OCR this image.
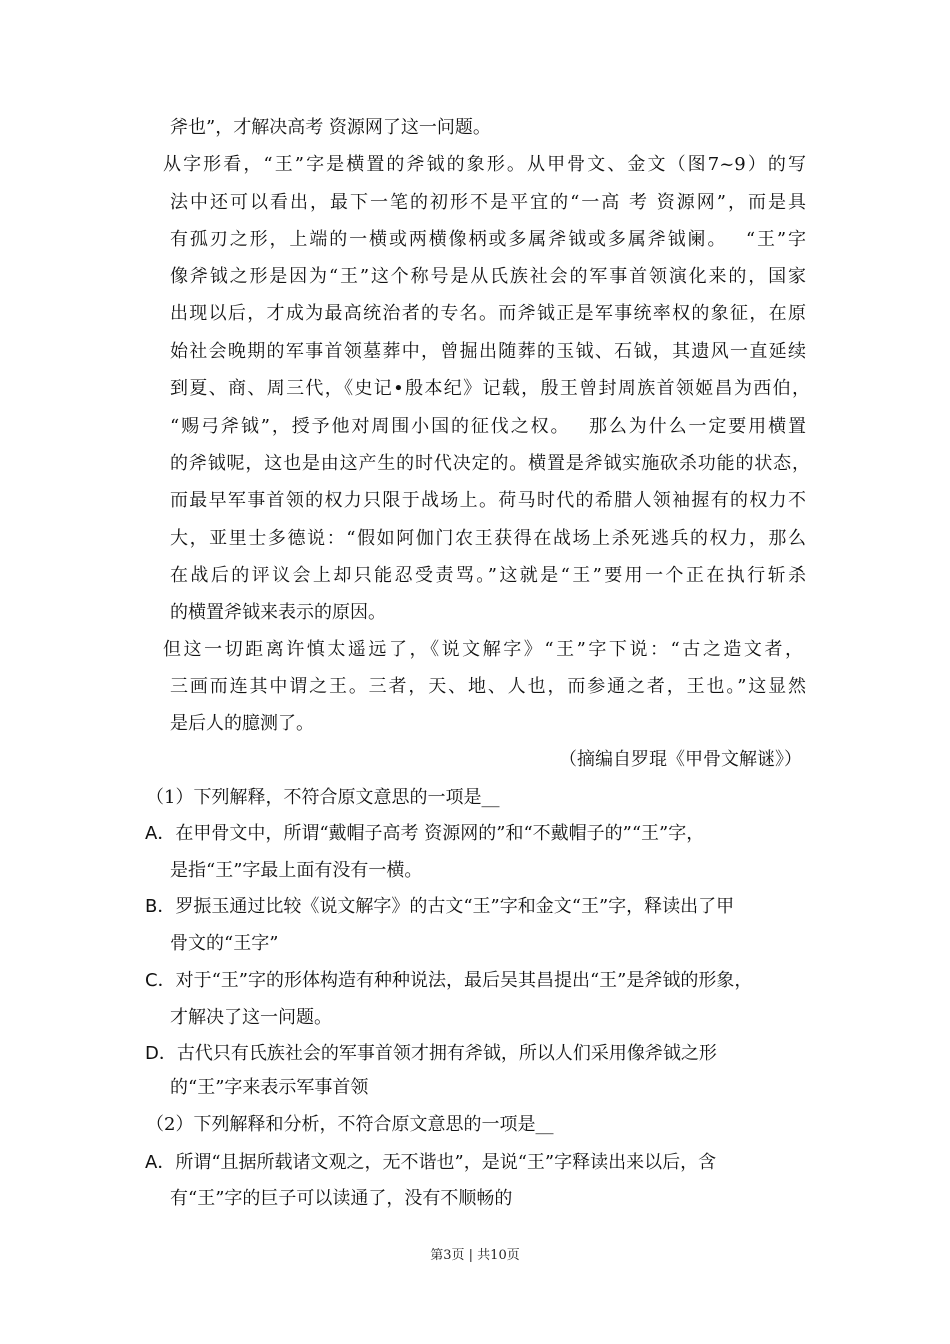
斧也”，才解决高考 资源网了这一问题。
从字形看，“王”字是横置的斧钺的象形。从甲骨文、金文（图7~9）的写
法中还可以看出，最下一笔的初形不是平宜的“一高 考 资源网”，而是具
有孤刃之形，上端的一横或两横像柄或多属斧钺或多属斧钺阑。　 “王”字
像斧钺之形是因为“王”这个称号是从氏族社会的军事首领演化来的，国家
出现以后，才成为最高统治者的专名。而斧钺正是军事统率权的象征，在原
始社会晚期的军事首领墓葬中，曾掘出随葬的玉钺、石钺，其遗风一直延续
到夏、商、周三代，《史记•殷本纪》记载，殷王曾封周族首领姬昌为西伯，
“赐弓斧钺”，授予他对周围小国的征伐之权。　 那么为什么一定要用横置
的斧钺呢，这也是由这产生的时代决定的。横置是斧钺实施砍杀功能的状态，
而最早军事首领的权力只限于战场上。荷马时代的希腊人领袖握有的权力不
大，亚里士多德说：“假如阿伽门农王获得在战场上杀死逃兵的权力，那么
在战后的评议会上却只能忍受责骂。”这就是“王”要用一个正在执行斩杀
的横置斧钺来表示的原因。
但这一切距离许慎太遥远了，《说文解字》“王”字下说：“古之造文者，
三画而连其中谓之王。三者，天、地、人也，而参通之者，王也。”这显然
是后人的臆测了。
（摘编自罗琨《甲骨文解谜》）
（1）下列解释，不符合原文意思的一项是__
A．在甲骨文中，所谓“戴帽子高考 资源网的”和“不戴帽子的”“王”字，
是指“王”字最上面有没有一横。
B．罗振玉通过比较《说文解字》的古文“王”字和金文“王”字，释读出了甲
骨文的“王字”
C．对于“王”字的形体构造有种种说法，最后吴其昌提出“王”是斧钺的形象，
才解决了这一问题。
D．古代只有氏族社会的军事首领才拥有斧钺，所以人们采用像斧钺之形
的“王”字来表示军事首领
（2）下列解释和分析，不符合原文意思的一项是__
A．所谓“且据所载诸文观之，无不谐也”，是说“王”字释读出来以后，含
有“王”字的巨子可以读通了，没有不顺畅的
第3页 | 共10页
